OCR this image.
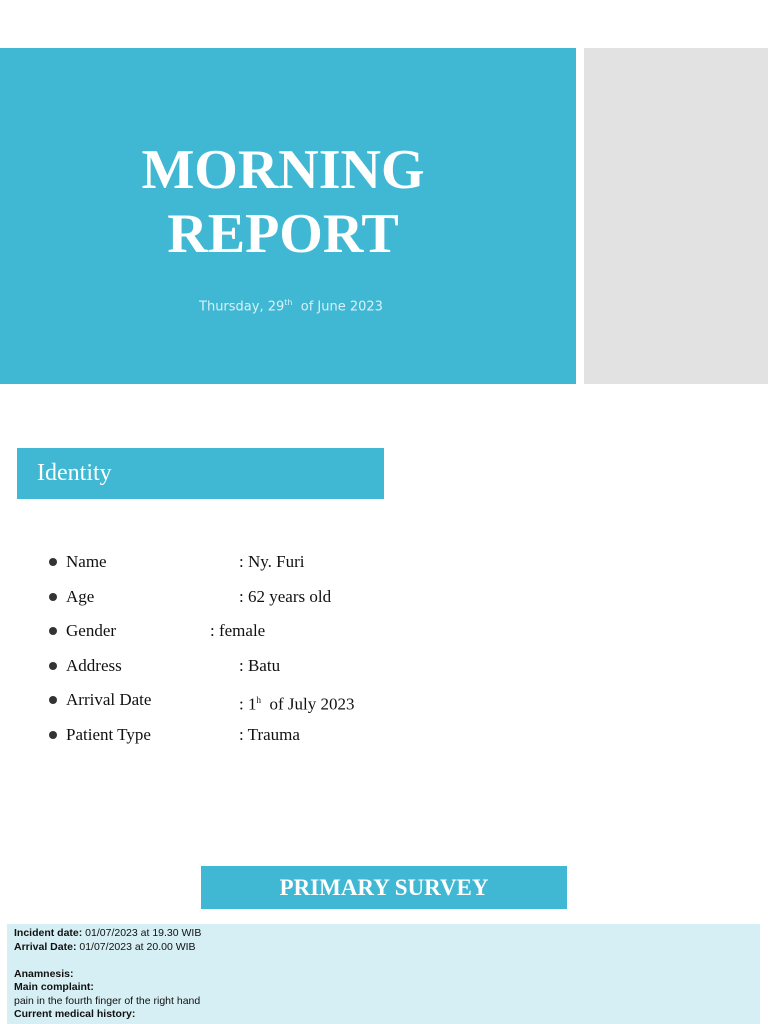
MORNING
REPORT
Thursday, 29th  of June 2023
Identity
Name	: Ny. Furi
Age	: 62 years old
Gender	: female
Address	: Batu
Arrival Date	: 1$^h$  of July 2023
Patient Type	: Trauma
PRIMARY SURVEY
Incident date: 01/07/2023 at 19.30 WIB
Arrival Date: 01/07/2023 at 20.00 WIB
Anamnesis:
Main complaint:
pain in the fourth finger of the right hand
Current medical history:
